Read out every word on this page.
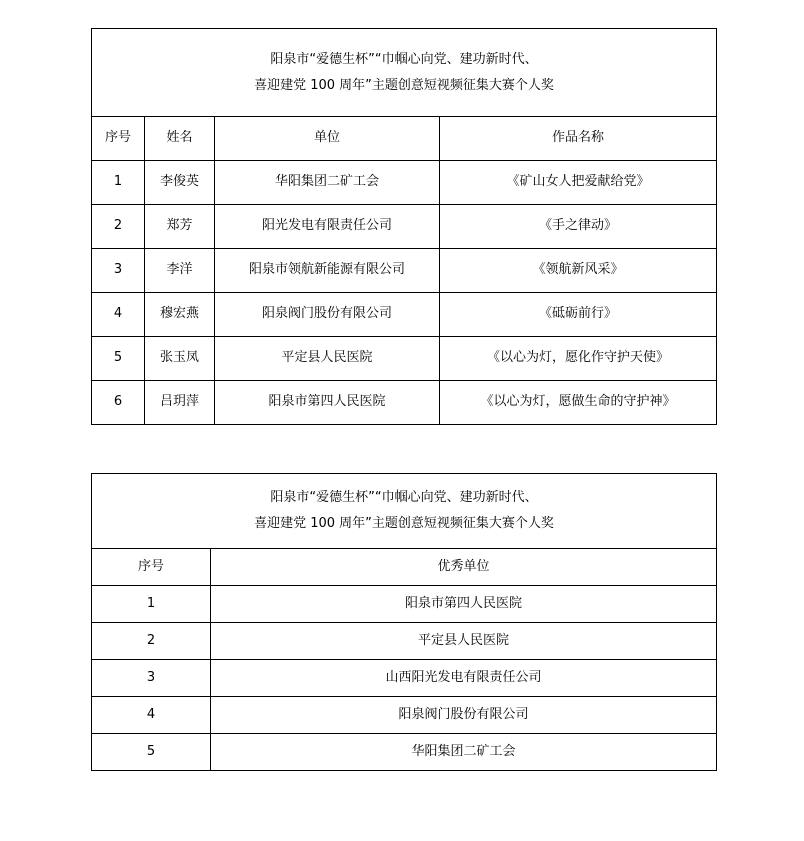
阳泉市“爱德生杯”“巾帼心向党、建功新时代、
喜迎建党 100 周年”主题创意短视频征集大赛个人奖			

序号	姓名	单位	作品名称
1	李俊英	华阳集团二矿工会	《矿山女人把爱献给党》
2	郑芳	阳光发电有限责任公司	《手之律动》
3	李洋	阳泉市领航新能源有限公司	《领航新风采》
4	穆宏燕	阳泉阀门股份有限公司	《砥砺前行》
5	张玉凤	平定县人民医院	《以心为灯，愿化作守护天使》
6	吕玥萍	阳泉市第四人民医院	《以心为灯，愿做生命的守护神》
阳泉市“爱德生杯”“巾帼心向党、建功新时代、
喜迎建党 100 周年”主题创意短视频征集大赛个人奖	

序号	优秀单位
1	阳泉市第四人民医院
2	平定县人民医院
3	山西阳光发电有限责任公司
4	阳泉阀门股份有限公司
5	华阳集团二矿工会
